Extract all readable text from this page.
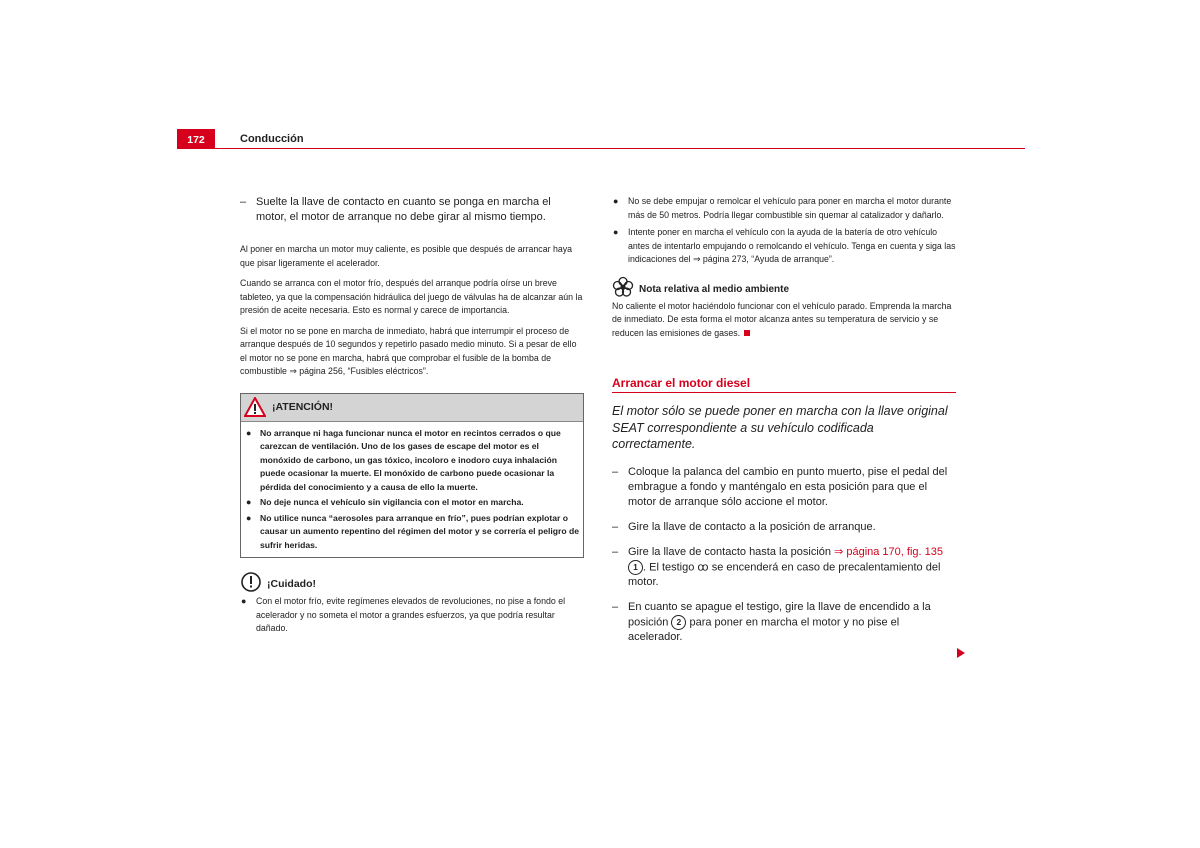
172	Conducción
– Suelte la llave de contacto en cuanto se ponga en marcha el motor, el motor de arranque no debe girar al mismo tiempo.

Al poner en marcha un motor muy caliente, es posible que después de arrancar haya que pisar ligeramente el acelerador.

Cuando se arranca con el motor frío, después del arranque podría oírse un breve tableteo, ya que la compensación hidráulica del juego de válvulas ha de alcanzar aún la presión de aceite necesaria. Esto es normal y carece de importancia.

Si el motor no se pone en marcha de inmediato, habrá que interrumpir el proceso de arranque después de 10 segundos y repetirlo pasado medio minuto. Si a pesar de ello el motor no se pone en marcha, habrá que comprobar el fusible de la bomba de combustible ⇒ página 256, “Fusibles eléctricos”.

¡ATENCIÓN!
● No arranque ni haga funcionar nunca el motor en recintos cerrados o que carezcan de ventilación. Uno de los gases de escape del motor es el monóxido de carbono, un gas tóxico, incoloro e inodoro cuya inhalación puede ocasionar la muerte. El monóxido de carbono puede ocasionar la pérdida del conocimiento y a causa de ello la muerte.
● No deje nunca el vehículo sin vigilancia con el motor en marcha.
● No utilice nunca “aerosoles para arranque en frío”, pues podrían explotar o causar un aumento repentino del régimen del motor y se correría el peligro de sufrir heridas.
¡Cuidado!
● Con el motor frío, evite regímenes elevados de revoluciones, no pise a fondo el acelerador y no someta el motor a grandes esfuerzos, ya que podría resultar dañado.
● No se debe empujar o remolcar el vehículo para poner en marcha el motor durante más de 50 metros. Podría llegar combustible sin quemar al catalizador y dañarlo.
● Intente poner en marcha el vehículo con la ayuda de la batería de otro vehículo antes de intentarlo empujando o remolcando el vehículo. Tenga en cuenta y siga las indicaciones del ⇒ página 273, “Ayuda de arranque”.
Nota relativa al medio ambiente

No caliente el motor haciéndolo funcionar con el vehículo parado. Emprenda la marcha de inmediato. De esta forma el motor alcanza antes su temperatura de servicio y se reducen las emisiones de gases.

Arrancar el motor diesel
El motor sólo se puede poner en marcha con la llave original SEAT correspondiente a su vehículo codificada correctamente.
– Coloque la palanca del cambio en punto muerto, pise el pedal del embrague a fondo y manténgalo en esta posición para que el motor de arranque sólo accione el motor.
– Gire la llave de contacto a la posición de arranque.
– Gire la llave de contacto hasta la posición ⇒ página 170, fig. 135 1 . El testigo ꝏ se encenderá en caso de precalentamiento del motor.
– En cuanto se apague el testigo, gire la llave de encendido a la posición 2 para poner en marcha el motor y no pise el acelerador.
